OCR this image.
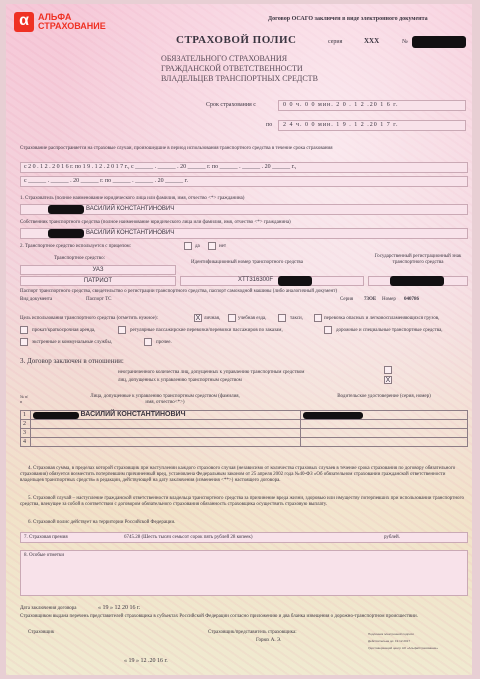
α	АЛЬФА
СТРАХОВАНИЕ
Договор ОСАГО заключен в виде электронного документа
СТРАХОВОЙ ПОЛИС	серия	ХХХ	№
ОБЯЗАТЕЛЬНОГО СТРАХОВАНИЯ
ГРАЖДАНСКОЙ ОТВЕТСТВЕННОСТИ
ВЛАДЕЛЬЦЕВ ТРАНСПОРТНЫХ СРЕДСТВ
Срок страхования с	0 0 ч. 0 0 мин. 2 0 . 1 2 .20 1 6 г.
по	2 4 ч. 0 0 мин. 1 9 . 1 2 .20 1 7 г.
Страхование распространяется на страховые случаи, произошедшие в период использования транспортного средства в течение срока страхования
с 2 0 . 1 2 . 2 0 1 6 г. по 1 9 . 1 2 . 2 0 1 7 г., с ______ . ______ . 20 ______ г. по ______ . ______ . 20 ______ г.,
с ______ . ______ . 20 ______ г. по ______ . ______ . 20 ______ г.
1. Страхователь (полное наименование юридического лица или фамилия, имя, отчество <*> гражданина)
ВАСИЛИЙ КОНСТАНТИНОВИЧ
Собственник транспортного средства (полное наименование юридического лица или фамилия, имя, отчество <*> гражданина)
ВАСИЛИЙ КОНСТАНТИНОВИЧ
2. Транспортное средство используется с прицепом:	да	нет
Транспортное средство:
Идентификационный номер транспортного средства
Государственный регистрационный знак транспортного средства
УАЗ
ПАТРИОТ	ХТТ316300F
Паспорт транспортного средства, свидетельство о регистрации транспортного средства, паспорт самоходной машины (либо аналогичный документ)
Вид документа	Паспорт ТС	Серия 73ОЕ Номер 040786
Цель использования транспортного средства (отметить нужное):	X личная,	учебная езда,	такси,	перевозка опасных и легковоспламеняющихся грузов,
прокат/краткосрочная аренда,	регулярные пассажирские перевозки/перевозки пассажиров по заказам,	дорожные и специальные транспортные средства,
экстренные и коммунальные службы,	прочее.
3. Договор заключен в отношении:
неограниченного количества лиц, допущенных к управлению транспортным средством
лиц, допущенных к управлению транспортным средством	X
№ п/п
Лица, допущенные к управлению транспортным средством (фамилия, имя, отчество<*>)
Водительское удостоверение (серия, номер)
1	ВАСИЛИЙ КОНСТАНТИНОВИЧ	
2		
3		
4		
4. Страховая сумма, в пределах которой страховщик при наступлении каждого страхового случая (независимо от количества страховых случаев в течение срока страхования по договору обязательного страхования) обязуется возместить потерпевшим причиненный вред, установлена Федеральным законом от 25 апреля 2002 года №40-ФЗ «Об обязательном страховании гражданской ответственности владельцев транспортных средств» в редакции, действующей на дату заключения (изменения <**>) настоящего договора.
5. Страховой случай – наступление гражданской ответственности владельца транспортного средства за причинение вреда жизни, здоровью или имуществу потерпевших при использовании транспортного средства, влекущее за собой в соответствии с договором обязательного страхования обязанность страховщика осуществить страховую выплату.
6. Страховой полис действует на территории Российской Федерации.
7. Страховая премия	6745.28 (Шесть тысяч семьсот сорок пять рублей 28 копеек)	рублей.
8. Особые отметки
Дата заключения договора	« 19 » 12 20 16 г.
Страховщиком выдана перечень представителей страховщика в субъектах Российской Федерации согласно приложению и два бланка извещения о дорожно-транспортном происшествии.
Страховщик	Страховщик/представитель страховщика:
Горюх А. Э.
Подлинник электронной подписи
Действительна до: 19.12.2017
Удостоверяющий центр АО «АльфаСтрахование»
« 19 » 12 .20 16 г.
